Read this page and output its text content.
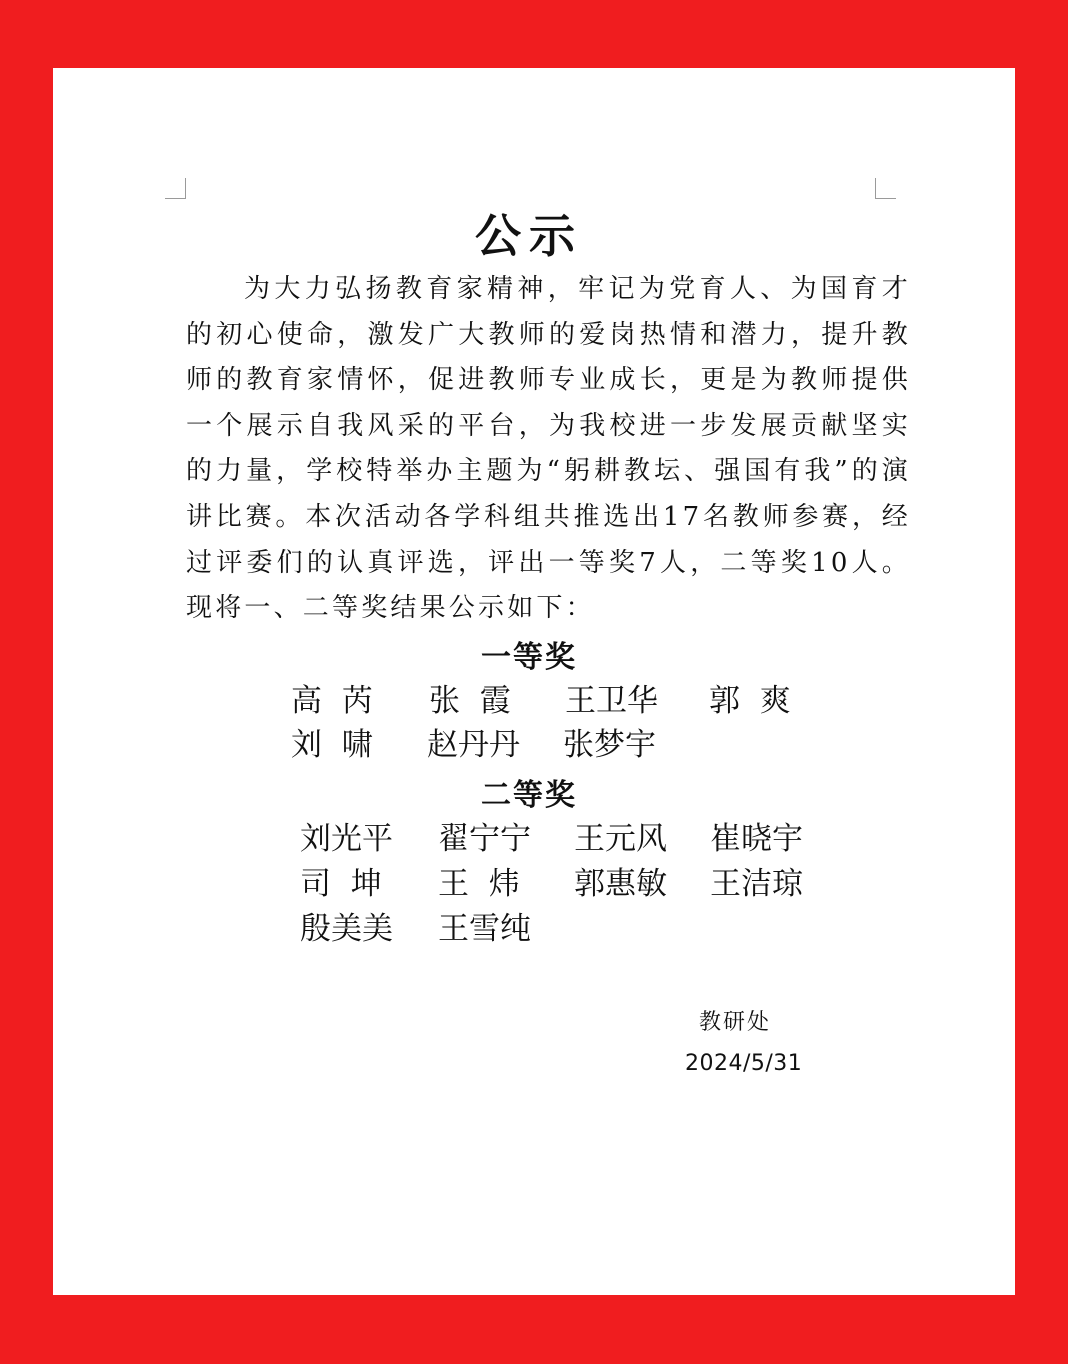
公示

为大力弘扬教育家精神，牢记为党育人、为国育才的初心使命，激发广大教师的爱岗热情和潜力，提升教师的教育家情怀，促进教师专业成长，更是为教师提供一个展示自我风采的平台，为我校进一步发展贡献坚实的力量，学校特举办主题为“躬耕教坛、强国有我”的演讲比赛。本次活动各学科组共推选出17名教师参赛，经过评委们的认真评选，评出一等奖7人，二等奖10人。现将一、二等奖结果公示如下：

一等奖
高  芮 张  霞 王卫华 郭  爽
刘  啸 赵丹丹 张梦宇
二等奖
刘光平 翟宁宁 王元风 崔晓宇
司  坤 王  炜 郭惠敏 王洁琼
殷美美 王雪纯

教研处

2024/5/31
